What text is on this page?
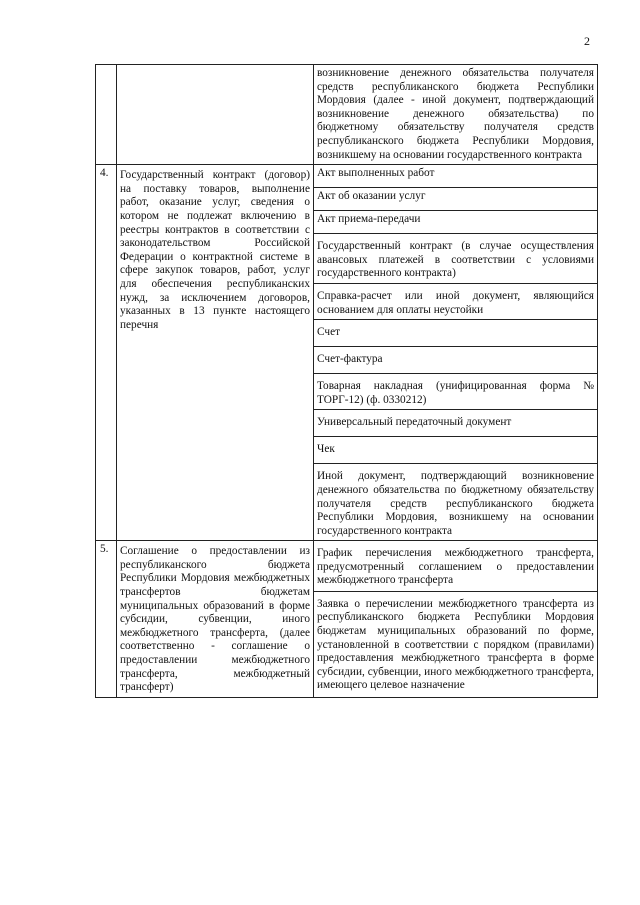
2
		возникновение денежного обязательства получателя средств республиканского бюджета Республики Мордовия (далее - иной документ, подтверждающий возникновение денежного обязательства) по бюджетному обязательству получателя средств республиканского бюджета Республики Мордовия, возникшему на основании государственного контракта
4.	Государственный контракт (договор) на поставку товаров, выполнение работ, оказание услуг, сведения о котором не подлежат включению в реестры контрактов в соответствии с законодательством Российской Федерации о контрактной системе в сфере закупок товаров, работ, услуг для обеспечения республиканских нужд, за исключением договоров, указанных в 13 пункте настоящего перечня	Акт выполненных работ
		Акт об оказании услуг
		Акт приема-передачи
		Государственный контракт (в случае осуществления авансовых платежей в соответствии с условиями государственного контракта)
		Справка-расчет или иной документ, являющийся основанием для оплаты неустойки
		Счет
		Счет-фактура
		Товарная накладная (унифицированная форма № ТОРГ-12) (ф. 0330212)
		Универсальный передаточный документ
		Чек
		Иной документ, подтверждающий возникновение денежного обязательства по бюджетному обязательству получателя средств республиканского бюджета Республики Мордовия, возникшему на основании государственного контракта
5.	Соглашение о предоставлении из республиканского бюджета Республики Мордовия межбюджетных трансфертов бюджетам муниципальных образований в форме субсидии, субвенции, иного межбюджетного трансферта, (далее соответственно - соглашение о предоставлении межбюджетного трансферта, межбюджетный трансферт)	График перечисления межбюджетного трансферта, предусмотренный соглашением о предоставлении межбюджетного трансферта
		Заявка о перечислении межбюджетного трансферта из республиканского бюджета Республики Мордовия бюджетам муниципальных образований по форме, установленной в соответствии с порядком (правилами) предоставления межбюджетного трансферта в форме субсидии, субвенции, иного межбюджетного трансферта, имеющего целевое назначение
